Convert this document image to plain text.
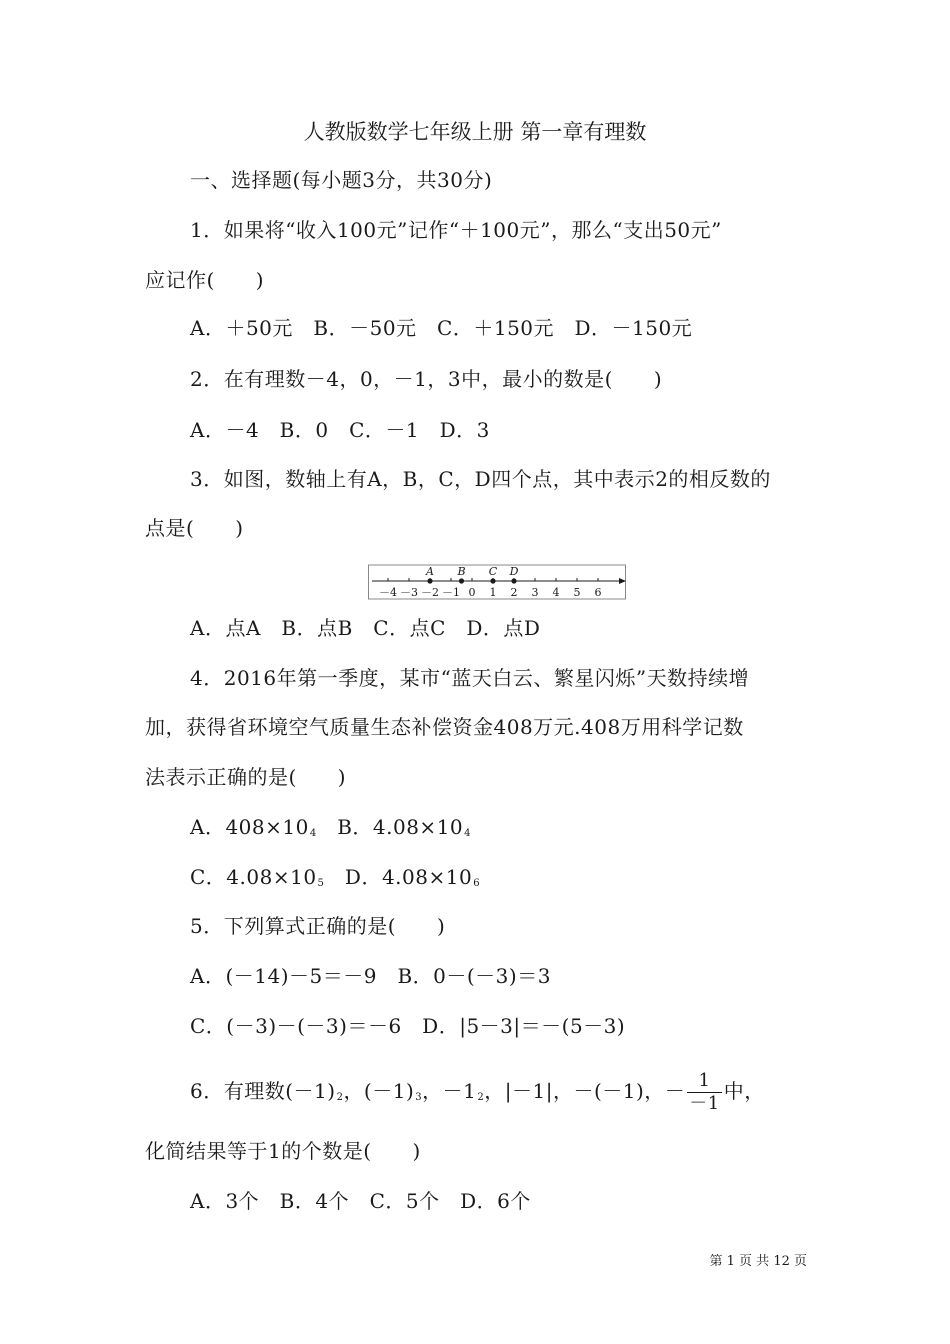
人教版数学七年级上册 第一章有理数
一、选择题(每小题3分，共30分)
1．如果将“收入100元”记作“＋100元”，那么“支出50元”
应记作(　　)
A．＋50元　B．－50元　C．＋150元　D．－150元
2．在有理数－4，0，－1，3中，最小的数是(　　)
A．－4　B．0　C．－1　D．3
3．如图，数轴上有A，B，C，D四个点，其中表示2的相反数的
点是(　　)
－4 －3 －2 －1 0 1 2 3 4 5 6
A B C D
A．点A　B．点B　C．点C　D．点D
4．2016年第一季度，某市“蓝天白云、繁星闪烁”天数持续增
加，获得省环境空气质量生态补偿资金408万元.408万用科学记数
法表示正确的是(　　)
A．$408\times 10_4$　 B．$4.08\times 10_4$
C．$4.08\times 10_5$　 D．$4.08\times 10_6$
5．下列算式正确的是(　　)
A．(－14)－5＝－9　B．0－(－3)＝3
C．(－3)－(－3)＝－6　D．|5－3|＝－(5－3)
6．有理数$(-1)_2$，$(-1)_3$，$-1_2$，|－1|，－(－1)，－ $\frac{1}{-1}$ 中，
化简结果等于1的个数是(　　)
A．3个　B．4个　C．5个　D．6个
第 1 页 共 12 页
